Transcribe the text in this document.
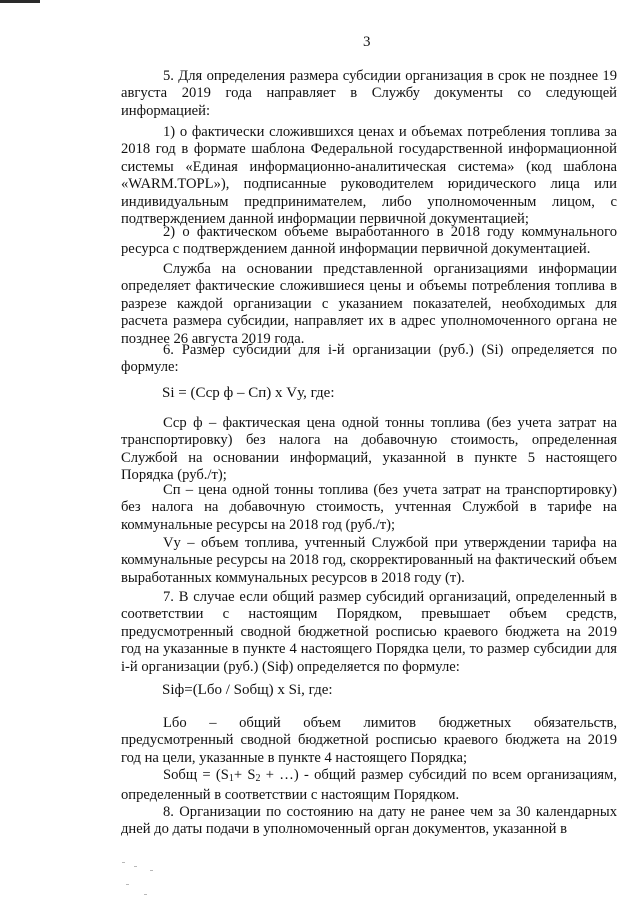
3
5. Для определения размера субсидии организация в срок не позднее 19 августа 2019 года направляет в Службу документы со следующей информацией:
1) о фактически сложившихся ценах и объемах потребления топлива за 2018 год в формате шаблона Федеральной государственной информационной системы «Единая информационно-аналитическая система» (код шаблона «WARM.TOPL»), подписанные руководителем юридического лица или индивидуальным предпринимателем, либо уполномоченным лицом, с подтверждением данной информации первичной документацией;
2) о фактическом объеме выработанного в 2018 году коммунального ресурса с подтверждением данной информации первичной документацией.
Служба на основании представленной организациями информации определяет фактические сложившиеся цены и объемы потребления топлива в разрезе каждой организации с указанием показателей, необходимых для расчета размера субсидии, направляет их в адрес уполномоченного органа не позднее 26 августа 2019 года.
6. Размер субсидии для i-й организации (руб.) (Si) определяется по формуле:
Si = (Сср ф – Сп) х Vу, где:
Сср ф – фактическая цена одной тонны топлива (без учета затрат на транспортировку) без налога на добавочную стоимость, определенная Службой на основании информаций, указанной в пункте 5 настоящего Порядка (руб./т);
Сп – цена одной тонны топлива (без учета затрат на транспортировку) без налога на добавочную стоимость, учтенная Службой в тарифе на коммунальные ресурсы на 2018 год (руб./т);
Vу – объем топлива, учтенный Службой при утверждении тарифа на коммунальные ресурсы на 2018 год, скорректированный на фактический объем выработанных коммунальных ресурсов в 2018 году (т).
7. В случае если общий размер субсидий организаций, определенный в соответствии с настоящим Порядком, превышает объем средств, предусмотренный сводной бюджетной росписью краевого бюджета на 2019 год на указанные в пункте 4 настоящего Порядка цели, то размер субсидии для i-й организации (руб.) (Siф) определяется по формуле:
Siф=(Lбо / Sобщ) х Si, где:
Lбо – общий объем лимитов бюджетных обязательств, предусмотренный сводной бюджетной росписью краевого бюджета на 2019 год на цели, указанные в пункте 4 настоящего Порядка;
Sобщ = ($S_1+ S_2$ + …) - общий размер субсидий по всем организациям, определенный в соответствии с настоящим Порядком.
8. Организации по состоянию на дату не ранее чем за 30 календарных дней до даты подачи в уполномоченный орган документов, указанной в
